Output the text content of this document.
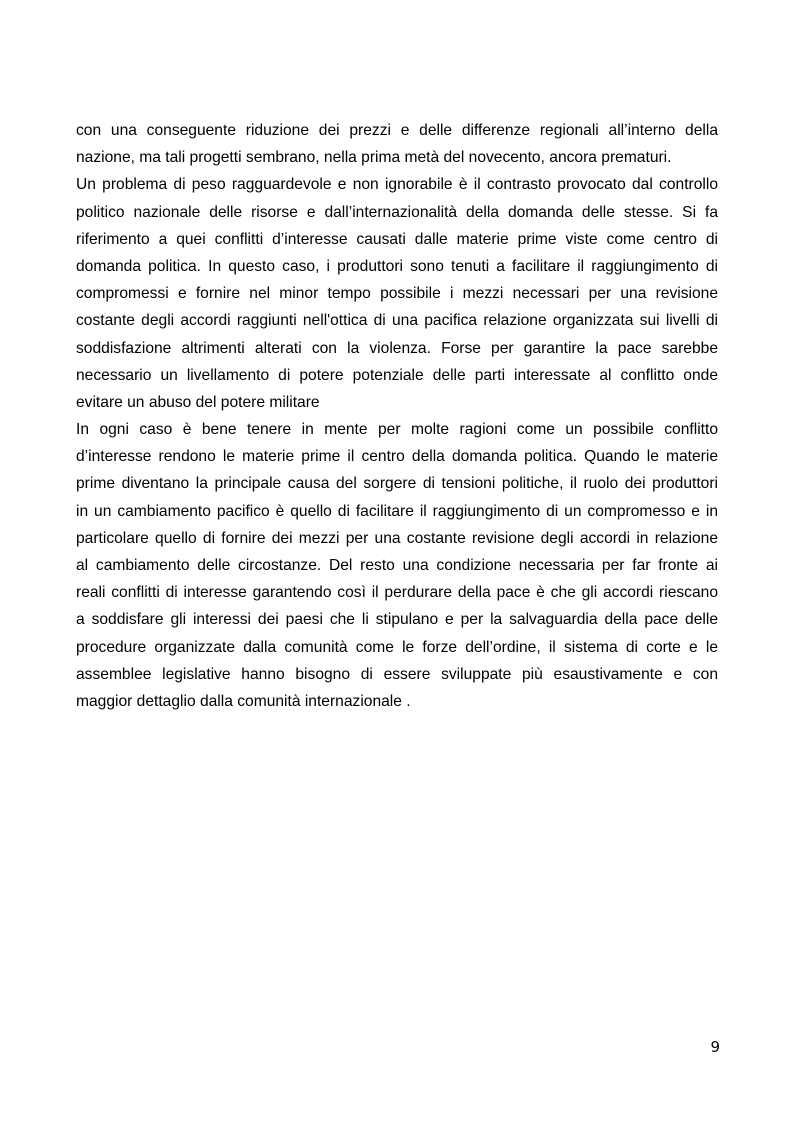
con una conseguente riduzione dei prezzi e delle differenze regionali all’interno della
nazione, ma tali progetti sembrano, nella prima metà del novecento, ancora prematuri.
Un problema di peso ragguardevole e non ignorabile è il contrasto provocato dal controllo
politico nazionale delle risorse e dall’internazionalità della domanda delle stesse. Si fa
riferimento a quei conflitti d’interesse causati dalle materie prime viste come centro di
domanda politica. In questo caso, i produttori sono tenuti a facilitare il raggiungimento di
compromessi e fornire nel minor tempo possibile i mezzi necessari per una revisione
costante degli accordi raggiunti nell'ottica di una pacifica relazione organizzata sui livelli di
soddisfazione altrimenti alterati con la violenza. Forse per garantire la pace sarebbe
necessario un livellamento di potere potenziale delle parti interessate al conflitto onde
evitare un abuso del potere militare
In ogni caso è bene tenere in mente per molte ragioni come un possibile conflitto
d’interesse rendono le materie prime il centro della domanda politica. Quando le materie
prime diventano la principale causa del sorgere di tensioni politiche, il ruolo dei produttori
in un cambiamento pacifico è quello di facilitare il raggiungimento di un compromesso e in
particolare quello di fornire dei mezzi per una costante revisione degli accordi in relazione
al cambiamento delle circostanze. Del resto una condizione necessaria per far fronte ai
reali conflitti di interesse garantendo così il perdurare della pace è che gli accordi riescano
a soddisfare gli interessi dei paesi che li stipulano e per la salvaguardia della pace delle
procedure organizzate dalla comunità come le forze dell’ordine, il sistema di corte e le
assemblee legislative hanno bisogno di essere sviluppate più esaustivamente e con
maggior dettaglio dalla comunità internazionale .
9
